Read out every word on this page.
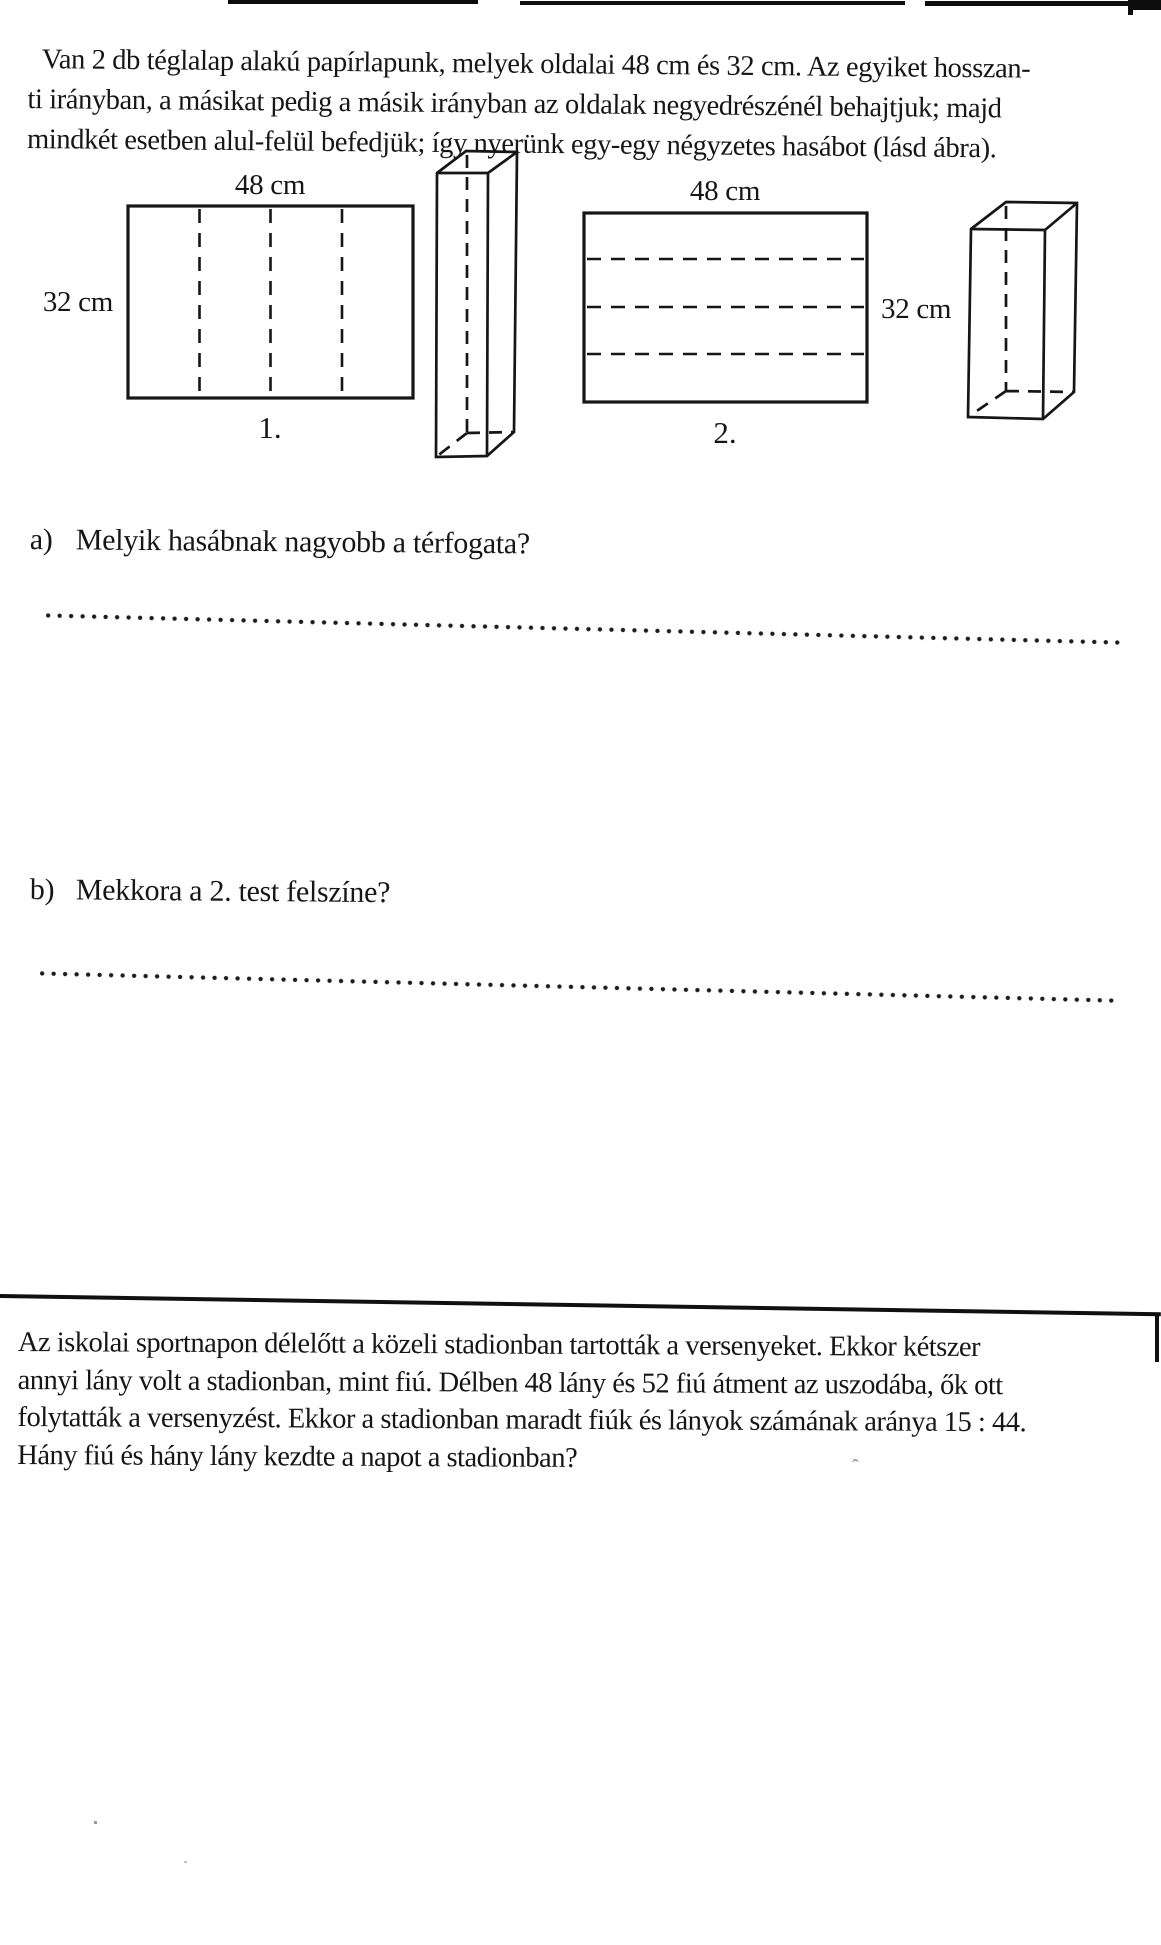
Van 2 db téglalap alakú papírlapunk, melyek oldalai 48 cm és 32 cm. Az egyiket hosszan-
ti irányban, a másikat pedig a másik irányban az oldalak negyedrészénél behajtjuk; majd
mindkét esetben alul-felül befedjük; így nyerünk egy-egy négyzetes hasábot (lásd ábra).
48 cm
32 cm
1.
48 cm
32 cm
2.
a) Melyik hasábnak nagyobb a térfogata?
b) Mekkora a 2. test felszíne?
Az iskolai sportnapon délelőtt a közeli stadionban tartották a versenyeket. Ekkor kétszer
annyi lány volt a stadionban, mint fiú. Délben 48 lány és 52 fiú átment az uszodába, ők ott
folytatták a versenyzést. Ekkor a stadionban maradt fiúk és lányok számának aránya 15 : 44.
Hány fiú és hány lány kezdte a napot a stadionban?	ˆ
